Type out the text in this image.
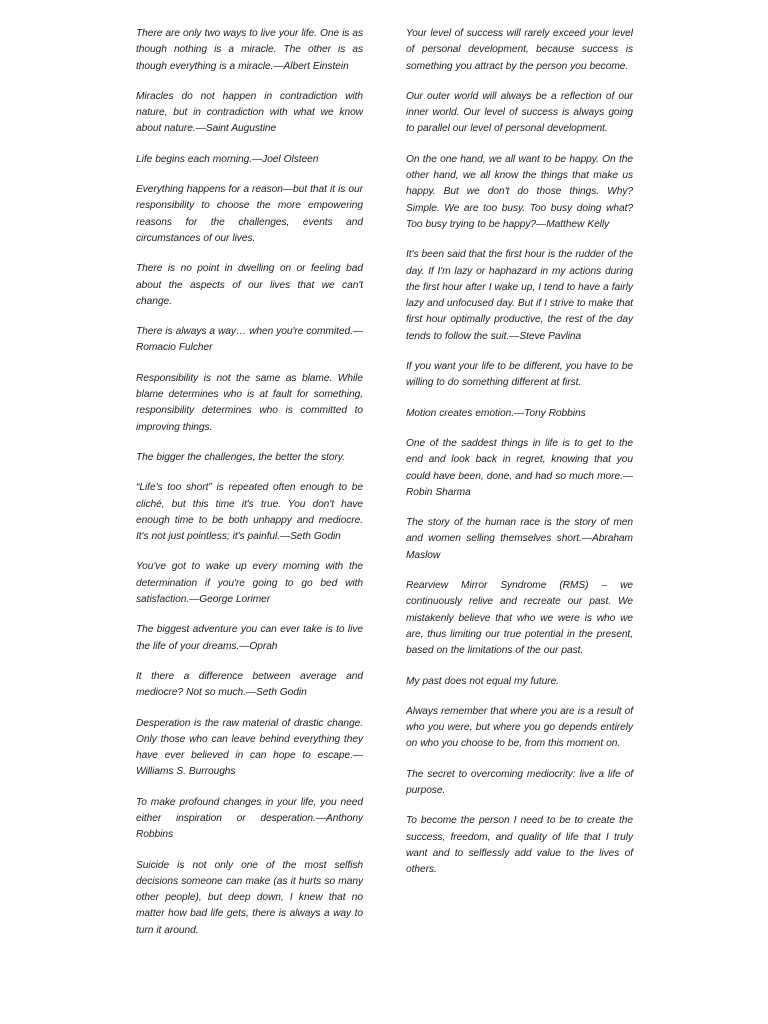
There are only two ways to live your life. One is as though nothing is a miracle. The other is as though everything is a miracle.—Albert Einstein

Miracles do not happen in contradiction with nature, but in contradiction with what we know about nature.—Saint Augustine

Life begins each morning.—Joel Olsteen

Everything happens for a reason—but that it is our responsibility to choose the more empowering reasons for the challenges, events and circumstances of our lives.

There is no point in dwelling on or feeling bad about the aspects of our lives that we can't change.

There is always a way… when you're commited.—Romacio Fulcher

Responsibility is not the same as blame. While blame determines who is at fault for something, responsibility determines who is committed to improving things.

The bigger the challenges, the better the story.

“Life's too short” is repeated often enough to be cliché, but this time it's true. You don't have enough time to be both unhappy and mediocre. It's not just pointless; it's painful.—Seth Godin

You've got to wake up every morning with the determination if you're going to go bed with satisfaction.—George Lorimer

The biggest adventure you can ever take is to live the life of your dreams.—Oprah

It there a difference between average and mediocre? Not so much.—Seth Godin

Desperation is the raw material of drastic change. Only those who can leave behind everything they have ever believed in can hope to escape.—Williams S. Burroughs

To make profound changes in your life, you need either inspiration or desperation.—Anthony Robbins

Suicide is not only one of the most selfish decisions someone can make (as it hurts so many other people), but deep down, I knew that no matter how bad life gets, there is always a way to turn it around.

Your level of success will rarely exceed your level of personal development, because success is something you attract by the person you become.

Our outer world will always be a reflection of our inner world. Our level of success is always going to parallel our level of personal development.

On the one hand, we all want to be happy. On the other hand, we all know the things that make us happy. But we don't do those things. Why? Simple. We are too busy. Too busy doing what? Too busy trying to be happy?—Matthew Kelly

It's been said that the first hour is the rudder of the day. If I'm lazy or haphazard in my actions during the first hour after I wake up, I tend to have a fairly lazy and unfocused day. But if I strive to make that first hour optimally productive, the rest of the day tends to follow the suit.—Steve Pavlina

If you want your life to be different, you have to be willing to do something different at first.

Motion creates emotion.—Tony Robbins

One of the saddest things in life is to get to the end and look back in regret, knowing that you could have been, done, and had so much more.—Robin Sharma

The story of the human race is the story of men and women selling themselves short.—Abraham Maslow

Rearview Mirror Syndrome (RMS) – we continuously relive and recreate our past. We mistakenly believe that who we were is who we are, thus limiting our true potential in the present, based on the limitations of the our past.

My past does not equal my future.

Always remember that where you are is a result of who you were, but where you go depends entirely on who you choose to be, from this moment on.

The secret to overcoming mediocrity: live a life of purpose.

To become the person I need to be to create the success, freedom, and quality of life that I truly want and to selflessly add value to the lives of others.
